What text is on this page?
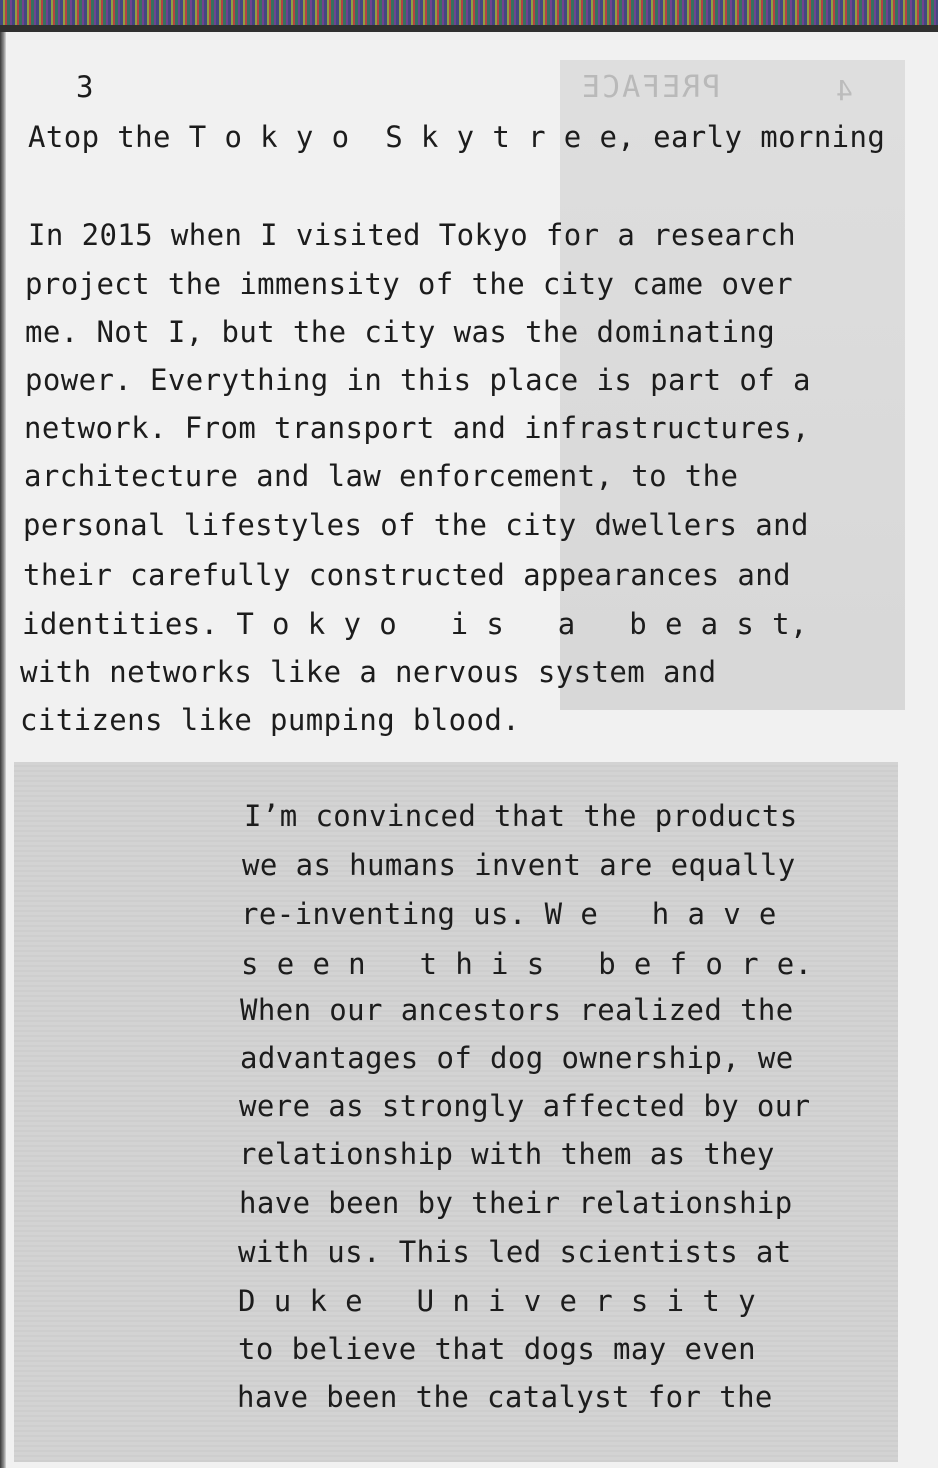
PREFACE	4
3
Atop the T o k y o  S k y t r e e, early morning
In 2015 when I visited Tokyo for a research
project the immensity of the city came over
me. Not I, but the city was the dominating
power. Everything in this place is part of a
network. From transport and infrastructures,
architecture and law enforcement, to the
personal lifestyles of the city dwellers and
their carefully constructed appearances and
identities. T o k y o   i s   a   b e a s t,
with networks like a nervous system and
citizens like pumping blood.
I’m convinced that the products
we as humans invent are equally
re-inventing us. W e   h a v e
s e e n   t h i s   b e f o r e.
When our ancestors realized the
advantages of dog ownership, we
were as strongly affected by our
relationship with them as they
have been by their relationship
with us. This led scientists at
D u k e   U n i v e r s i t y
to believe that dogs may even
have been the catalyst for the
